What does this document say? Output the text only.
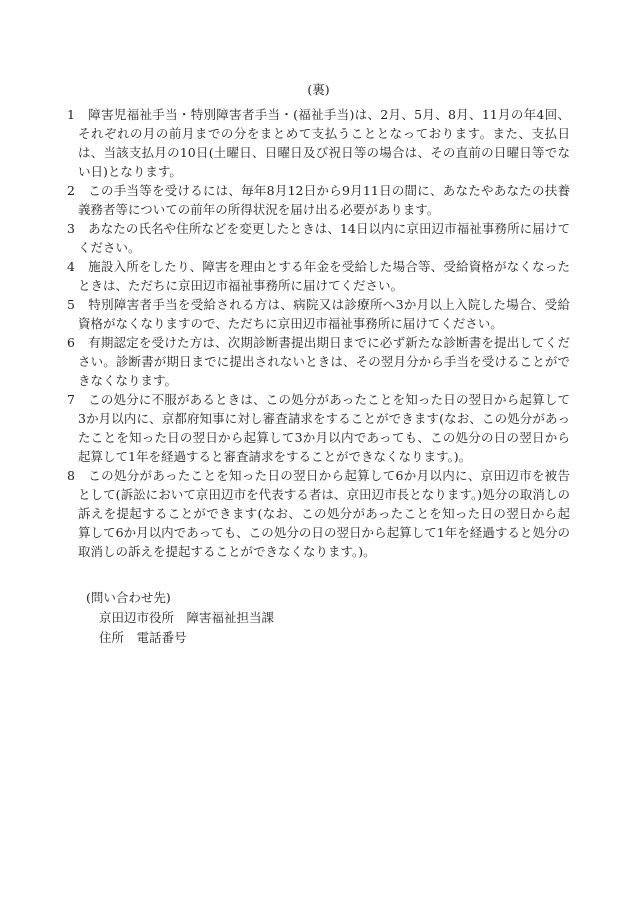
(裏)

1 障害児福祉手当・特別障害者手当・(福祉手当)は、2月、5月、8月、11月の年4回、それぞれの月の前月までの分をまとめて支払うこととなっております。また、支払日は、当該支払月の10日(土曜日、日曜日及び祝日等の場合は、その直前の日曜日等でない日)となります。

2 この手当等を受けるには、毎年8月12日から9月11日の間に、あなたやあなたの扶養義務者等についての前年の所得状況を届け出る必要があります。

3 あなたの氏名や住所などを変更したときは、14日以内に京田辺市福祉事務所に届けてください。

4 施設入所をしたり、障害を理由とする年金を受給した場合等、受給資格がなくなったときは、ただちに京田辺市福祉事務所に届けてください。

5 特別障害者手当を受給される方は、病院又は診療所へ3か月以上入院した場合、受給資格がなくなりますので、ただちに京田辺市福祉事務所に届けてください。

6 有期認定を受けた方は、次期診断書提出期日までに必ず新たな診断書を提出してください。診断書が期日までに提出されないときは、その翌月分から手当を受けることができなくなります。

7 この処分に不服があるときは、この処分があったことを知った日の翌日から起算して3か月以内に、京都府知事に対し審査請求をすることができます(なお、この処分があったことを知った日の翌日から起算して3か月以内であっても、この処分の日の翌日から起算して1年を経過すると審査請求をすることができなくなります。)。

8 この処分があったことを知った日の翌日から起算して6か月以内に、京田辺市を被告として(訴訟において京田辺市を代表する者は、京田辺市長となります。)処分の取消しの訴えを提起することができます(なお、この処分があったことを知った日の翌日から起算して6か月以内であっても、この処分の日の翌日から起算して1年を経過すると処分の取消しの訴えを提起することができなくなります。)。

(問い合わせ先)

京田辺市役所　障害福祉担当課

住所　電話番号
